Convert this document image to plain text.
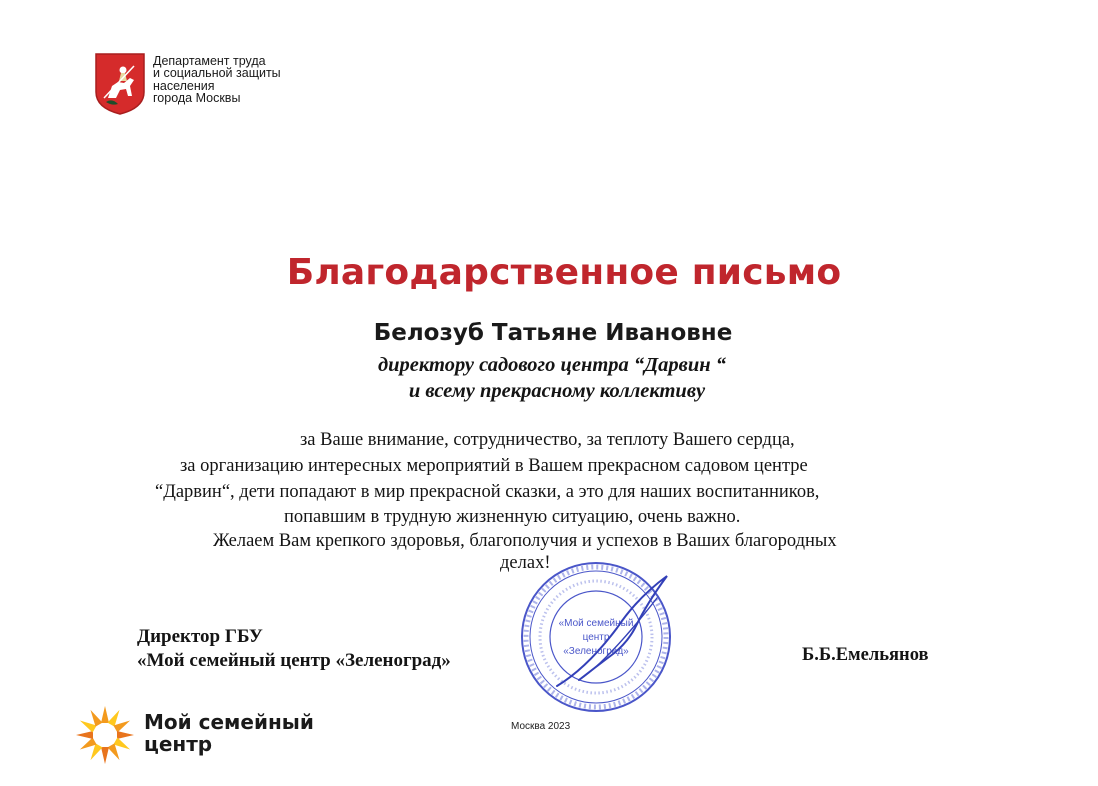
Департамент труда
и социальной защиты
населения
города Москвы
Благодарственное письмо
Белозуб Татьяне Ивановне
директору садового центра “Дарвин “
и всему прекрасному коллективу
за Ваше внимание, сотрудничество, за теплоту Вашего сердца,
за организацию интересных мероприятий в Вашем прекрасном садовом центре
“Дарвин“, дети попадают в мир прекрасной сказки, а это для наших воспитанников,
попавшим в трудную жизненную ситуацию, очень важно.
Желаем Вам крепкого здоровья, благополучия и успехов в Ваших благородных
делах!
Директор ГБУ
«Мой семейный центр «Зеленоград»	Б.Б.Емельянов
«Мой семейный
центр
«Зеленоград»
Москва 2023
Мой семейный
центр
